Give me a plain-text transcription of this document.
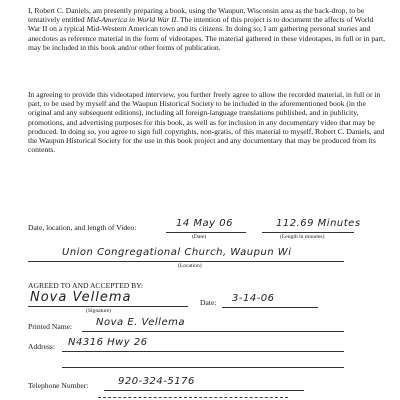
I, Robert C. Daniels, am presently preparing a book, using the Waupun, Wisconsin area as the back-drop, to be tentatively entitled Mid-America in World War II. The intention of this project is to document the affects of World War II on a typical Mid-Western American town and its citizens. In doing so, I am gathering personal stories and anecdotes as reference material in the form of videotapes. The material gathered in these videotapes, in full or in part, may be included in this book and/or other forms of publication.

In agreeing to provide this videotaped interview, you further freely agree to allow the recorded material, in full or in part, to be used by myself and the Waupun Historical Society to be included in the aforementioned book (in the original and any subsequent editions), including all foreign-language translations published, and in publicity, promotions, and advertising purposes for this book, as well as for inclusion in any documentary video that may be produced. In doing so, you agree to sign full copyrights, non-gratis, of this material to myself, Robert C. Daniels, and the Waupun Historical Society for the use in this book project and any documentary that may be produced from its contents.

Date, location, and length of Video:	14 May 06
(Date)
112.69 Minutes
(Length in minutes)
Union Congregational Church, Waupun Wi
(Location)
AGREED TO AND ACCEPTED BY:
Nova Vellema
(Signature)
Date: 3-14-06
Printed Name: Nova E. Vellema
Address: N4316 Hwy 26
Telephone Number:	920-324-5176
